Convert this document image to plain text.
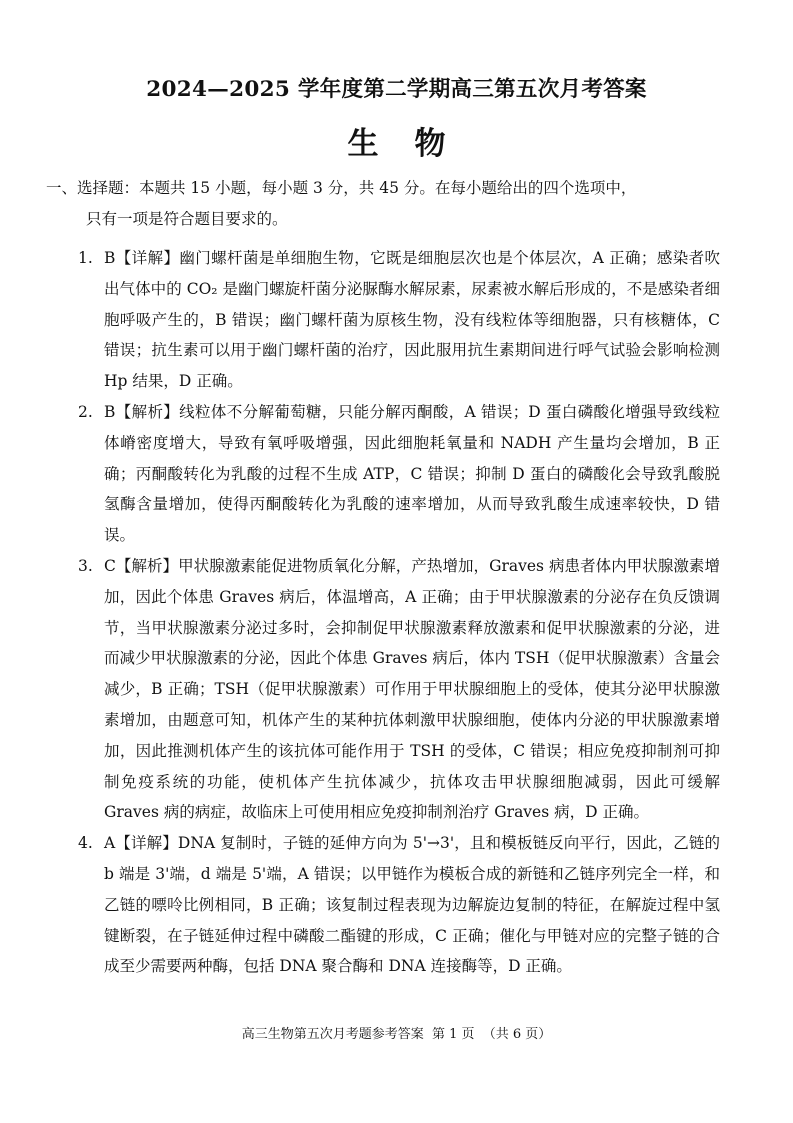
2024—2025 学年度第二学期高三第五次月考答案
生 物
一、选择题：本题共 15 小题，每小题 3 分，共 45 分。在每小题给出的四个选项中，
只有一项是符合题目要求的。
1. B【详解】幽门螺杆菌是单细胞生物，它既是细胞层次也是个体层次，A 正确；感染者吹出气体中的 CO₂ 是幽门螺旋杆菌分泌脲酶水解尿素，尿素被水解后形成的，不是感染者细胞呼吸产生的，B 错误；幽门螺杆菌为原核生物，没有线粒体等细胞器，只有核糖体，C 错误；抗生素可以用于幽门螺杆菌的治疗，因此服用抗生素期间进行呼气试验会影响检测 Hp 结果，D 正确。

2. B【解析】线粒体不分解葡萄糖，只能分解丙酮酸，A 错误；D 蛋白磷酸化增强导致线粒体嵴密度增大，导致有氧呼吸增强，因此细胞耗氧量和 NADH 产生量均会增加，B 正确；丙酮酸转化为乳酸的过程不生成 ATP，C 错误；抑制 D 蛋白的磷酸化会导致乳酸脱氢酶含量增加，使得丙酮酸转化为乳酸的速率增加，从而导致乳酸生成速率较快，D 错误。

3. C【解析】甲状腺激素能促进物质氧化分解，产热增加，Graves 病患者体内甲状腺激素增加，因此个体患 Graves 病后，体温增高，A 正确；由于甲状腺激素的分泌存在负反馈调节，当甲状腺激素分泌过多时，会抑制促甲状腺激素释放激素和促甲状腺激素的分泌，进而减少甲状腺激素的分泌，因此个体患 Graves 病后，体内 TSH（促甲状腺激素）含量会减少，B 正确；TSH（促甲状腺激素）可作用于甲状腺细胞上的受体，使其分泌甲状腺激素增加，由题意可知，机体产生的某种抗体刺激甲状腺细胞，使体内分泌的甲状腺激素增加，因此推测机体产生的该抗体可能作用于 TSH 的受体，C 错误；相应免疫抑制剂可抑制免疫系统的功能，使机体产生抗体减少，抗体攻击甲状腺细胞减弱，因此可缓解 Graves 病的病症，故临床上可使用相应免疫抑制剂治疗 Graves 病，D 正确。

4. A【详解】DNA 复制时，子链的延伸方向为 5'→3'，且和模板链反向平行，因此，乙链的 b 端是 3'端，d 端是 5'端，A 错误；以甲链作为模板合成的新链和乙链序列完全一样，和乙链的嘌呤比例相同，B 正确；该复制过程表现为边解旋边复制的特征，在解旋过程中氢键断裂，在子链延伸过程中磷酸二酯键的形成，C 正确；催化与甲链对应的完整子链的合成至少需要两种酶，包括 DNA 聚合酶和 DNA 连接酶等，D 正确。

高三生物第五次月考题参考答案  第 1 页  （共 6 页）
